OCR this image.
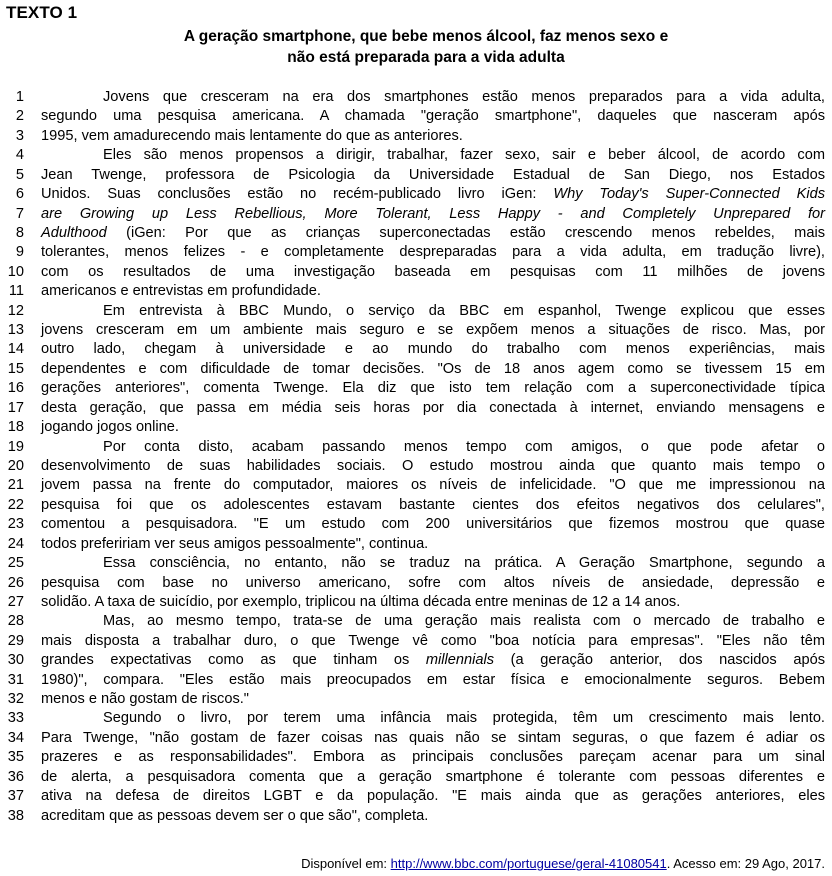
TEXTO 1
A geração smartphone, que bebe menos álcool, faz menos sexo e
não está preparada para a vida adulta
1	Jovens que cresceram na era dos smartphones estão menos preparados para a vida adulta,
2 segundo uma pesquisa americana. A chamada "geração smartphone", daqueles que nasceram após
3 1995, vem amadurecendo mais lentamente do que as anteriores.
4	Eles são menos propensos a dirigir, trabalhar, fazer sexo, sair e beber álcool, de acordo com
5 Jean Twenge, professora de Psicologia da Universidade Estadual de San Diego, nos Estados
6 Unidos. Suas conclusões estão no recém-publicado livro iGen: Why Today's Super-Connected Kids
7 are Growing up Less Rebellious, More Tolerant, Less Happy - and Completely Unprepared for
8 Adulthood (iGen: Por que as crianças superconectadas estão crescendo menos rebeldes, mais
9 tolerantes, menos felizes - e completamente despreparadas para a vida adulta, em tradução livre),
10 com os resultados de uma investigação baseada em pesquisas com 11 milhões de jovens
11 americanos e entrevistas em profundidade.
12	Em entrevista à BBC Mundo, o serviço da BBC em espanhol, Twenge explicou que esses
13 jovens cresceram em um ambiente mais seguro e se expõem menos a situações de risco. Mas, por
14 outro lado, chegam à universidade e ao mundo do trabalho com menos experiências, mais
15 dependentes e com dificuldade de tomar decisões. "Os de 18 anos agem como se tivessem 15 em
16 gerações anteriores", comenta Twenge. Ela diz que isto tem relação com a superconectividade típica
17 desta geração, que passa em média seis horas por dia conectada à internet, enviando mensagens e
18 jogando jogos online.
19	Por conta disto, acabam passando menos tempo com amigos, o que pode afetar o
20 desenvolvimento de suas habilidades sociais. O estudo mostrou ainda que quanto mais tempo o
21 jovem passa na frente do computador, maiores os níveis de infelicidade. "O que me impressionou na
22 pesquisa foi que os adolescentes estavam bastante cientes dos efeitos negativos dos celulares",
23 comentou a pesquisadora. "E um estudo com 200 universitários que fizemos mostrou que quase
24 todos prefeririam ver seus amigos pessoalmente", continua.
25	Essa consciência, no entanto, não se traduz na prática. A Geração Smartphone, segundo a
26 pesquisa com base no universo americano, sofre com altos níveis de ansiedade, depressão e
27 solidão. A taxa de suicídio, por exemplo, triplicou na última década entre meninas de 12 a 14 anos.
28	Mas, ao mesmo tempo, trata-se de uma geração mais realista com o mercado de trabalho e
29 mais disposta a trabalhar duro, o que Twenge vê como "boa notícia para empresas". "Eles não têm
30 grandes expectativas como as que tinham os millennials (a geração anterior, dos nascidos após
31 1980)", compara. "Eles estão mais preocupados em estar física e emocionalmente seguros. Bebem
32 menos e não gostam de riscos."
33	Segundo o livro, por terem uma infância mais protegida, têm um crescimento mais lento.
34 Para Twenge, "não gostam de fazer coisas nas quais não se sintam seguras, o que fazem é adiar os
35 prazeres e as responsabilidades". Embora as principais conclusões pareçam acenar para um sinal
36 de alerta, a pesquisadora comenta que a geração smartphone é tolerante com pessoas diferentes e
37 ativa na defesa de direitos LGBT e da população. "E mais ainda que as gerações anteriores, eles
38 acreditam que as pessoas devem ser o que são", completa.
Disponível em: http://www.bbc.com/portuguese/geral-41080541. Acesso em: 29 Ago, 2017.
